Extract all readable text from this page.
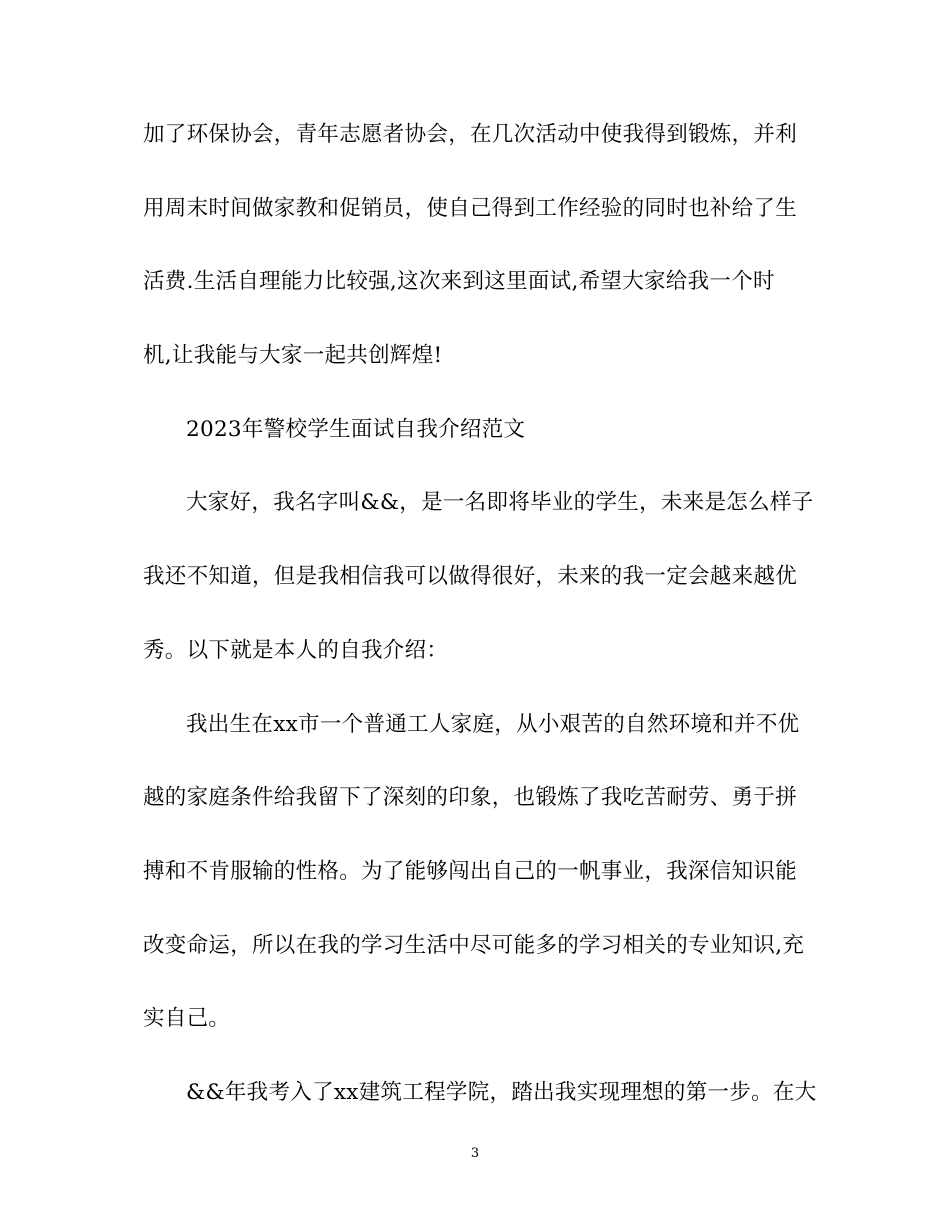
加了环保协会，青年志愿者协会，在几次活动中使我得到锻炼，并利
用周末时间做家教和促销员，使自己得到工作经验的同时也补给了生
活费.生活自理能力比较强,这次来到这里面试,希望大家给我一个时
机,让我能与大家一起共创辉煌!
2023年警校学生面试自我介绍范文
大家好，我名字叫&&，是一名即将毕业的学生，未来是怎么样子
我还不知道，但是我相信我可以做得很好，未来的我一定会越来越优
秀。以下就是本人的自我介绍：
我出生在xx市一个普通工人家庭，从小艰苦的自然环境和并不优
越的家庭条件给我留下了深刻的印象，也锻炼了我吃苦耐劳、勇于拼
搏和不肯服输的性格。为了能够闯出自己的一帆事业，我深信知识能
改变命运，所以在我的学习生活中尽可能多的学习相关的专业知识,充
实自己。
&&年我考入了xx建筑工程学院，踏出我实现理想的第一步。在大
3
